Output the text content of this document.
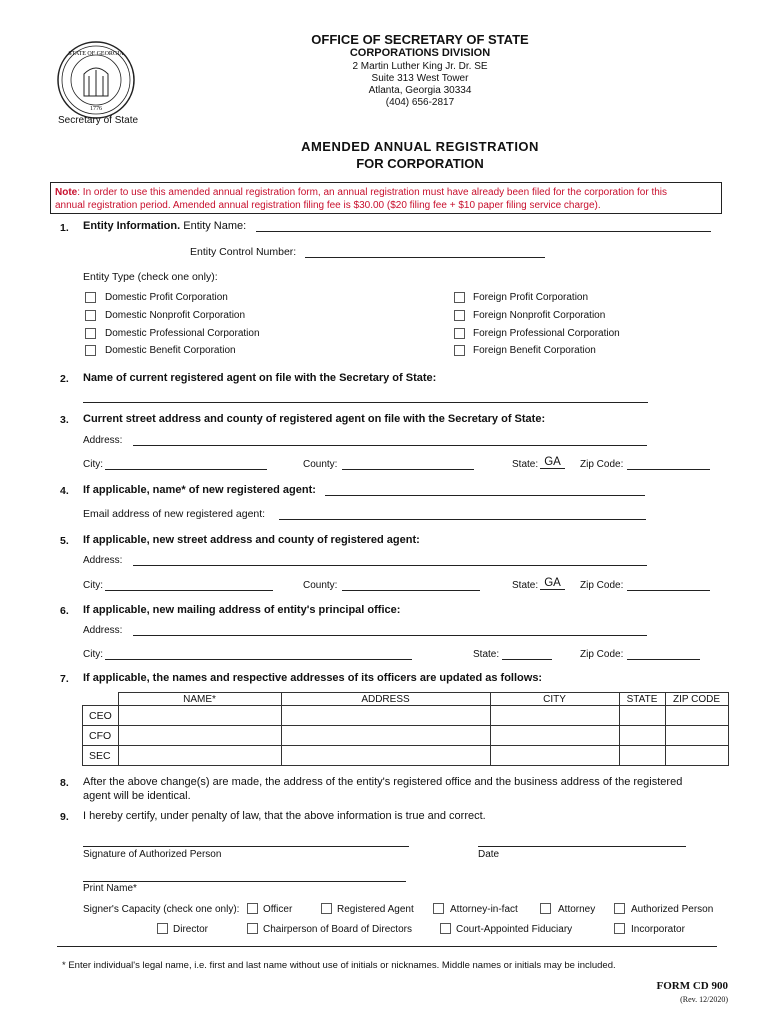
STATE OF GEORGIA
1776
Secretary of State
OFFICE OF SECRETARY OF STATE
CORPORATIONS DIVISION
2 Martin Luther King Jr. Dr. SE
Suite 313 West Tower
Atlanta, Georgia 30334
(404) 656-2817
AMENDED ANNUAL REGISTRATION
FOR CORPORATION
Note: In order to use this amended annual registration form, an annual registration must have already been filed for the corporation for this
annual registration period. Amended annual registration filing fee is $30.00 ($20 filing fee + $10 paper filing service charge).
1. Entity Information. Entity Name:
Entity Control Number:
Entity Type (check one only):
Domestic Profit Corporation
Domestic Nonprofit Corporation
Domestic Professional Corporation
Domestic Benefit Corporation
Foreign Profit Corporation
Foreign Nonprofit Corporation
Foreign Professional Corporation
Foreign Benefit Corporation
2. Name of current registered agent on file with the Secretary of State:
3. Current street address and county of registered agent on file with the Secretary of State:
Address:
City:	County:	State: GA	Zip Code:
4. If applicable, name* of new registered agent:
Email address of new registered agent:
5. If applicable, new street address and county of registered agent:
Address:
City:	County:	State: GA	Zip Code:
6. If applicable, new mailing address of entity's principal office:
Address:
City:	State:	Zip Code:
7. If applicable, the names and respective addresses of its officers are updated as follows:
	NAME*	ADDRESS	CITY	STATE	ZIP CODE
CEO					
CFO					
SEC					
8. After the above change(s) are made, the address of the entity's registered office and the business address of the registered
agent will be identical.
9. I hereby certify, under penalty of law, that the above information is true and correct.
Signature of Authorized Person	Date
Print Name*
Signer's Capacity (check one only): Officer	Registered Agent	Attorney-in-fact	Attorney	Authorized Person
Director	Chairperson of Board of Directors	Court-Appointed Fiduciary	Incorporator
* Enter individual's legal name, i.e. first and last name without use of initials or nicknames. Middle names or initials may be included.
FORM CD 900
(Rev. 12/2020)
